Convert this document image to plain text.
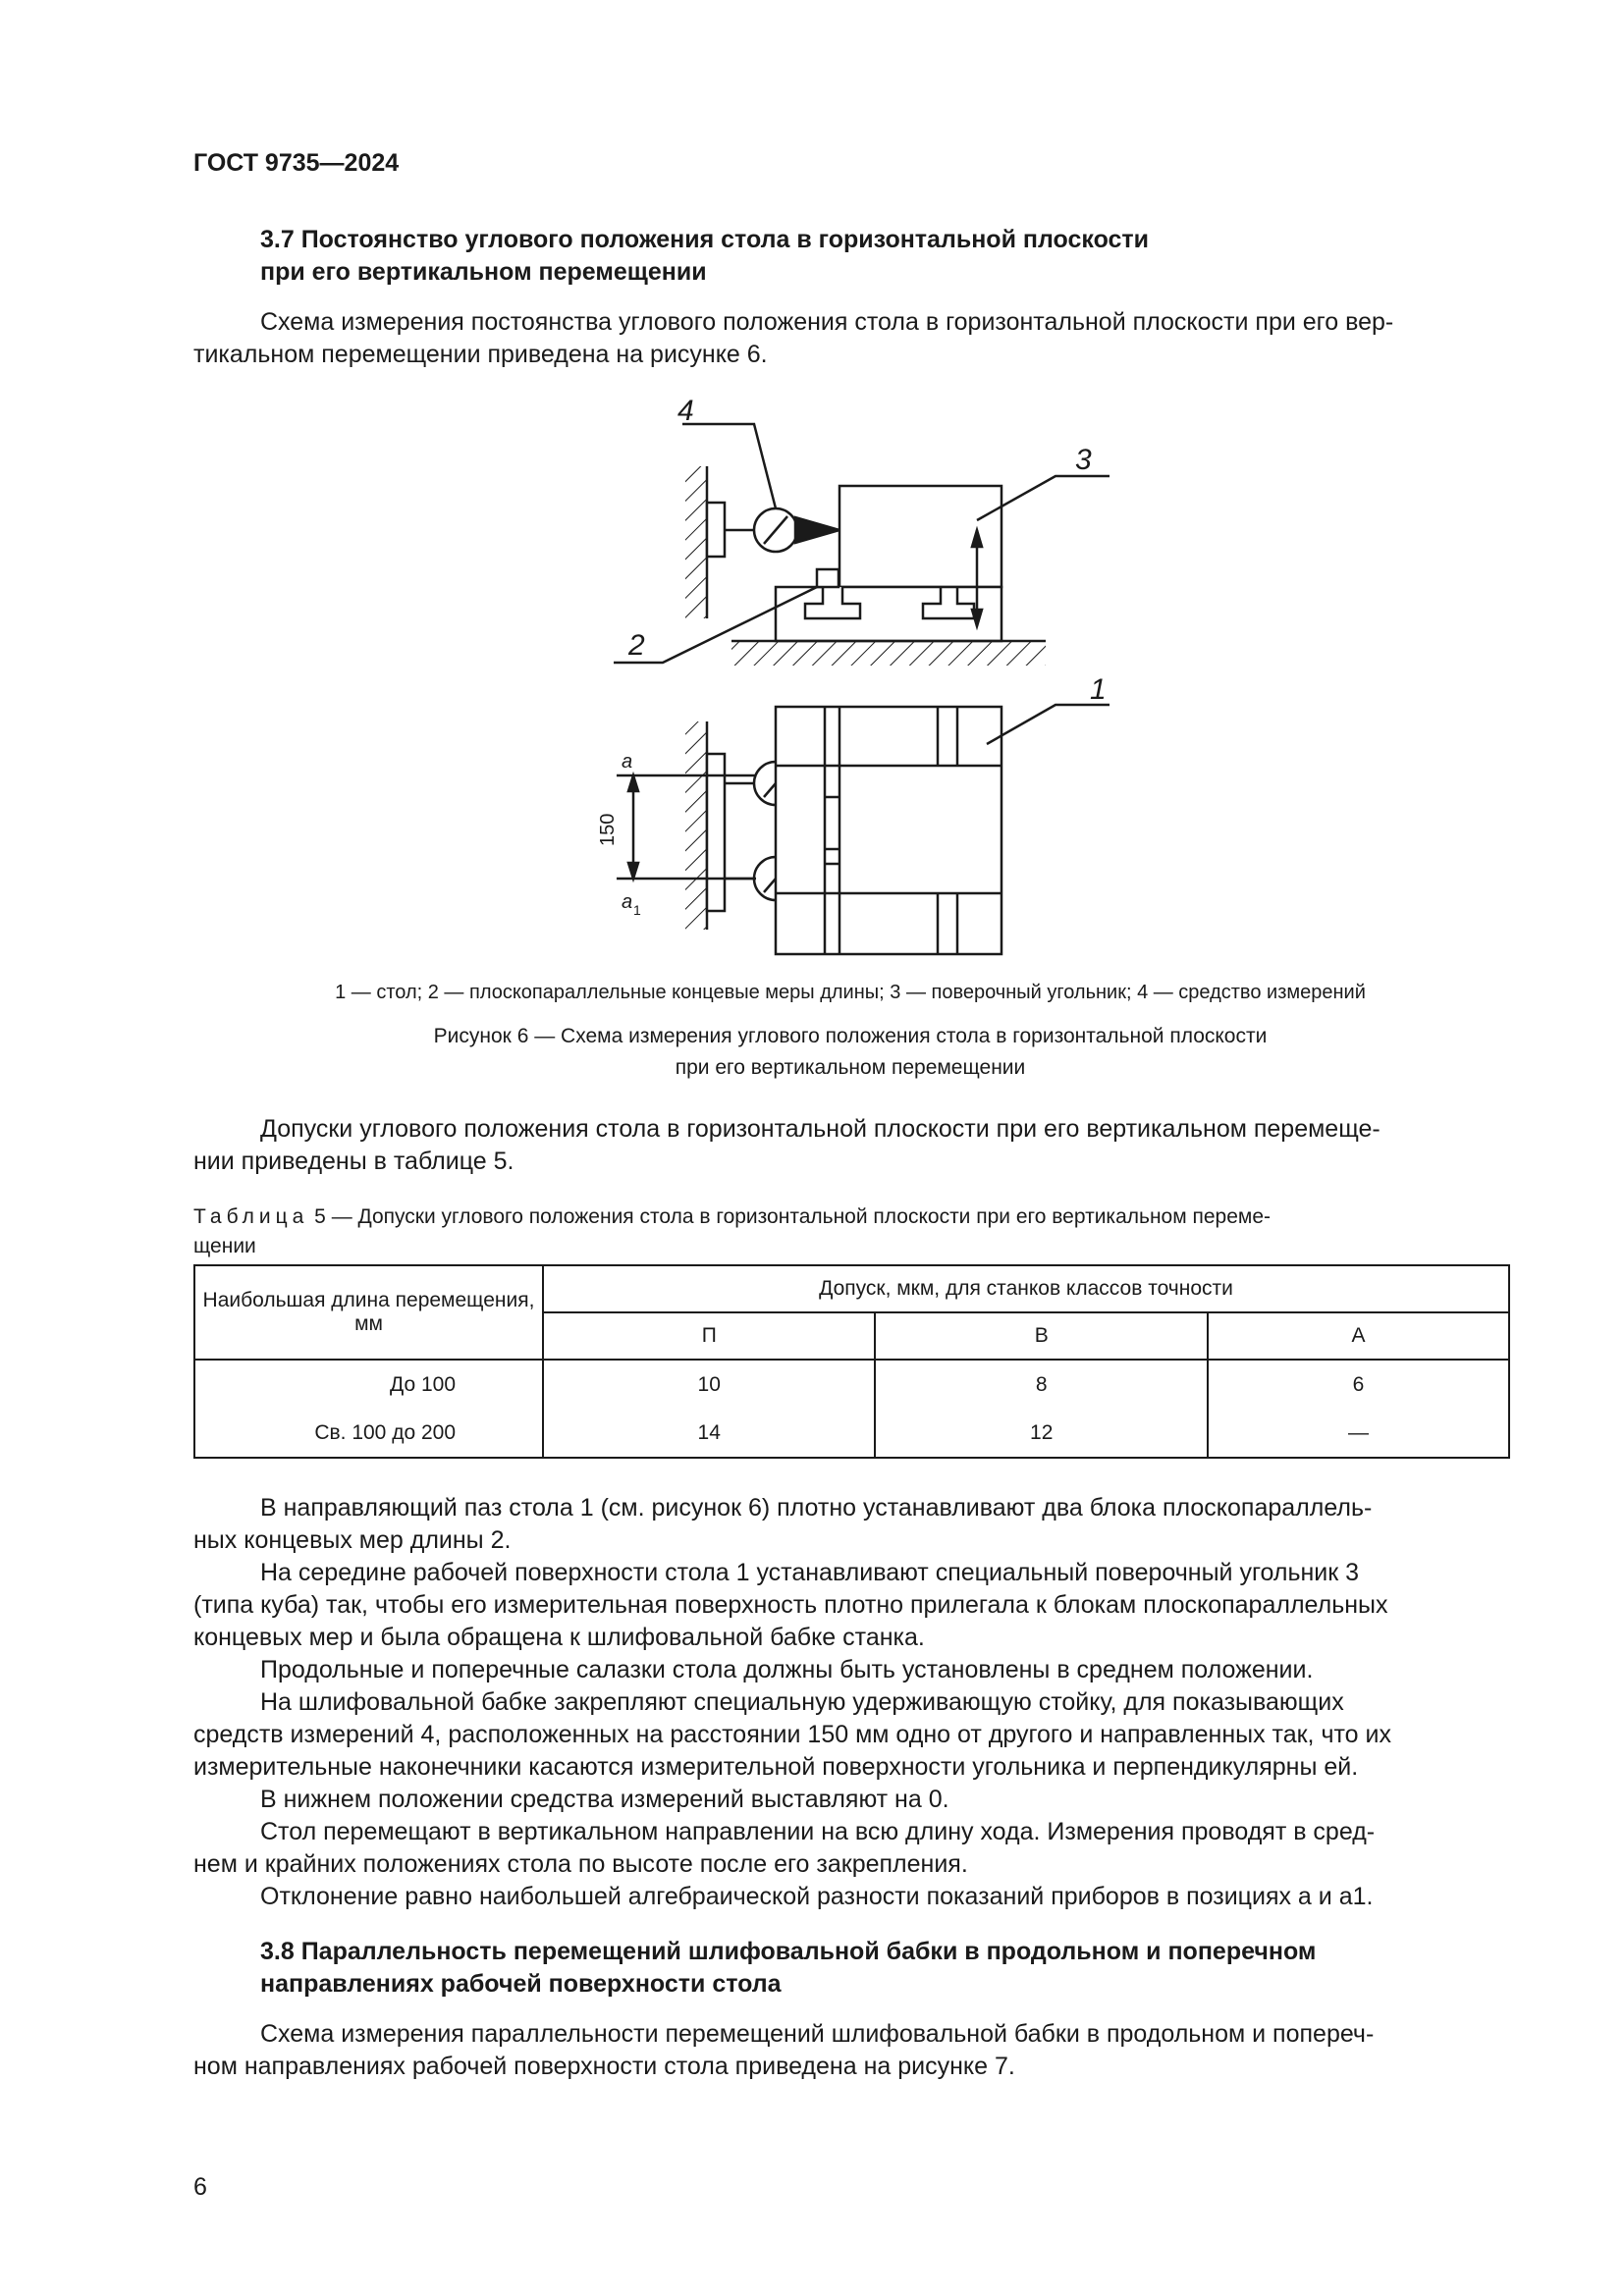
ГОСТ 9735—2024
3.7 Постоянство углового положения стола в горизонтальной плоскости
при его вертикальном перемещении
Схема измерения постоянства углового положения стола в горизонтальной плоскости при его вер-
тикальном перемещении приведена на рисунке 6.
4
3
2
1
a
a 1
150
1 — стол; 2 — плоскопараллельные концевые меры длины; 3 — поверочный угольник; 4 — средство измерений
Рисунок 6 — Схема измерения углового положения стола в горизонтальной плоскости
при его вертикальном перемещении
Допуски углового положения стола в горизонтальной плоскости при его вертикальном перемеще-
нии приведены в таблице 5.
Таблица 5 — Допуски углового положения стола в горизонтальной плоскости при его вертикальном переме-
щении
Наибольшая длина перемещения, мм	Допуск, мкм, для станков классов точности		
	П	В	А
До 100	10	8	6
Св. 100 до 200	14	12	—
В направляющий паз стола 1 (см. рисунок 6) плотно устанавливают два блока плоскопараллель-
ных концевых мер длины 2.
На середине рабочей поверхности стола 1 устанавливают специальный поверочный угольник 3
(типа куба) так, чтобы его измерительная поверхность плотно прилегала к блокам плоскопараллельных
концевых мер и была обращена к шлифовальной бабке станка.
Продольные и поперечные салазки стола должны быть установлены в среднем положении.
На шлифовальной бабке закрепляют специальную удерживающую стойку, для показывающих
средств измерений 4, расположенных на расстоянии 150 мм одно от другого и направленных так, что их
измерительные наконечники касаются измерительной поверхности угольника и перпендикулярны ей.
В нижнем положении средства измерений выставляют на 0.
Стол перемещают в вертикальном направлении на всю длину хода. Измерения проводят в сред-
нем и крайних положениях стола по высоте после его закрепления.
Отклонение равно наибольшей алгебраической разности показаний приборов в позициях a и a1.
3.8 Параллельность перемещений шлифовальной бабки в продольном и поперечном
направлениях рабочей поверхности стола
Схема измерения параллельности перемещений шлифовальной бабки в продольном и попереч-
ном направлениях рабочей поверхности стола приведена на рисунке 7.
6
